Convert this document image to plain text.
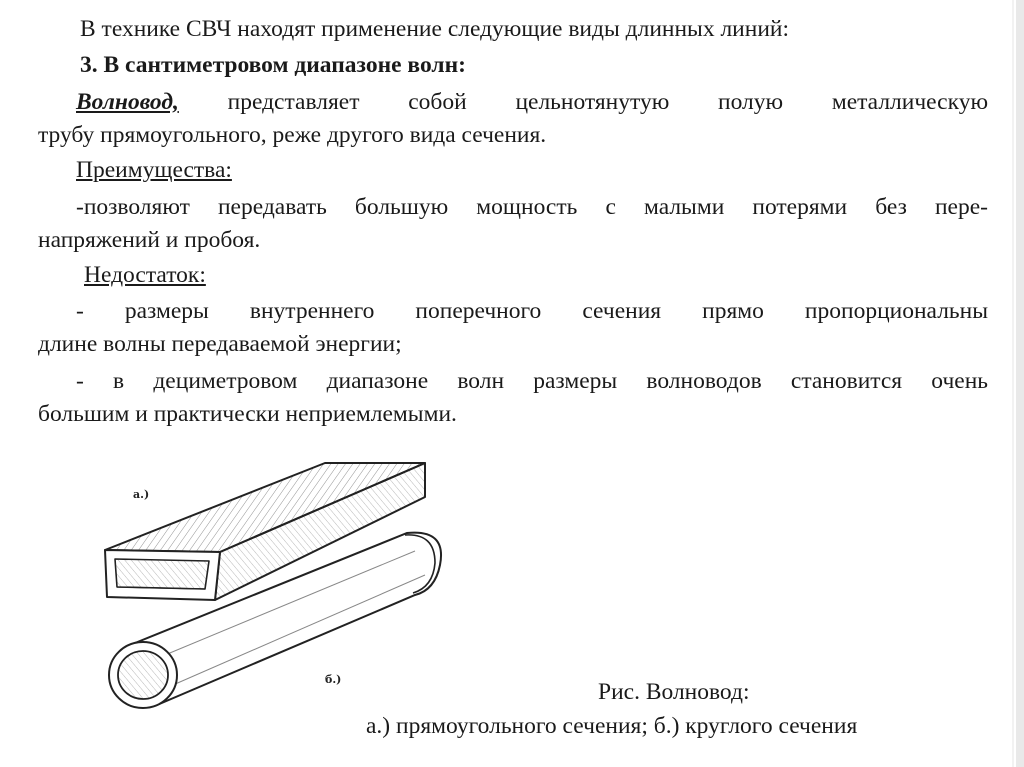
В технике СВЧ находят применение следующие виды длинных линий:

3. В сантиметровом диапазоне волн:

Волновод, представляет собой цельнотянутую полую металлическую

трубу прямоугольного, реже другого вида сечения.

Преимущества:

-позволяют передавать большую мощность с малыми потерями без пере-

напряжений и пробоя.

Недостаток:

- размеры внутреннего поперечного сечения прямо пропорциональны

длине волны передаваемой энергии;

- в дециметровом диапазоне волн размеры волноводов становится очень

большим и практически неприемлемыми.

а.)
б.)	Рис. Волновод:
а.) прямоугольного сечения; б.) круглого сечения
